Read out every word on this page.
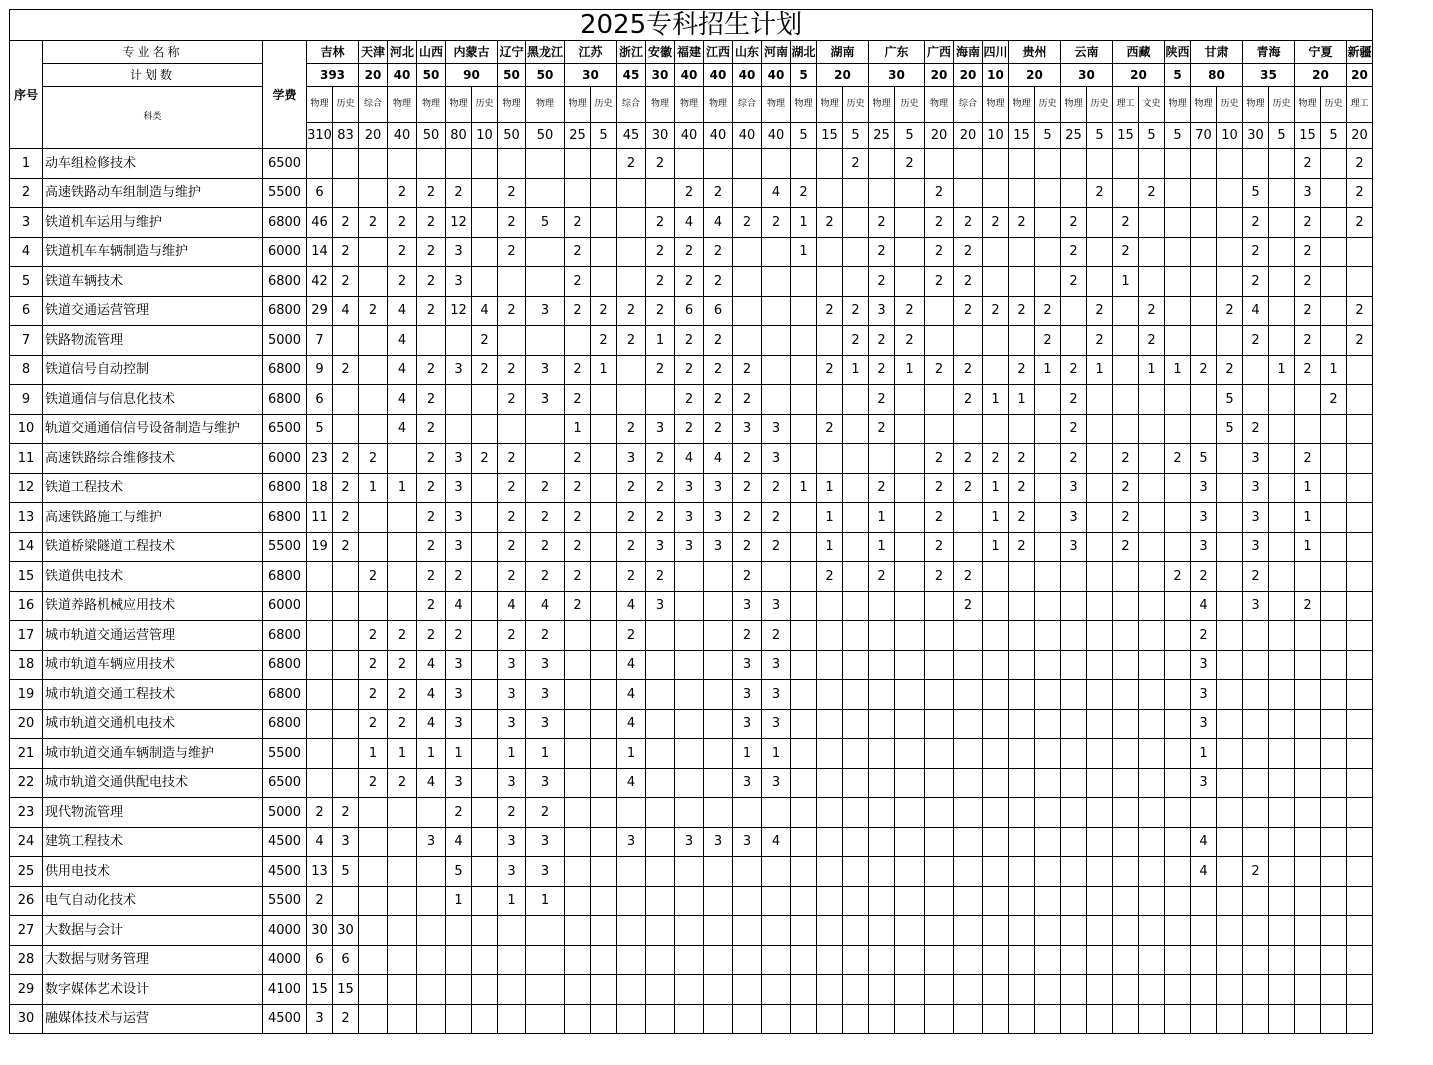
2025专科招生计划																																									
序号	专业名称	学费	吉林		天津	河北	山西	内蒙古		辽宁	黑龙江	江苏		浙江	安徽	福建	江西	山东	河南	湖北	湖南		广东		广西	海南	四川	贵州		云南		西藏		陕西	甘肃		青海		宁夏		新疆
	计划数		393		20	40	50	90		50	50	30		45	30	40	40	40	40	5	20		30		20	20	10	20		30		20		5	80		35		20		20
	科类		物理	历史	综合	物理	物理	物理	历史	物理	物理	物理	历史	综合	物理	物理	物理	综合	物理	物理	物理	历史	物理	历史	物理	综合	物理	物理	历史	物理	历史	理工	文史	物理	物理	历史	物理	历史	物理	历史	理工
			310	83	20	40	50	80	10	50	50	25	5	45	30	40	40	40	40	5	15	5	25	5	20	20	10	15	5	25	5	15	5	5	70	10	30	5	15	5	20
1	动车组检修技术	6500												2	2							2		2															2		2
2	高速铁路动车组制造与维护	5500	6			2	2	2		2						2	2		4	2					2						2		2				5		3		2
3	铁道机车运用与维护	6800	46	2	2	2	2	12		2	5	2			2	4	4	2	2	1	2		2		2	2	2	2		2		2					2		2		2
4	铁道机车车辆制造与维护	6000	14	2		2	2	3		2		2			2	2	2			1			2		2	2				2		2					2		2		
5	铁道车辆技术	6800	42	2		2	2	3				2			2	2	2						2		2	2				2		1					2		2		
6	铁道交通运营管理	6800	29	4	2	4	2	12	4	2	3	2	2	2	2	6	6				2	2	3	2		2	2	2	2		2		2			2	4		2		2
7	铁路物流管理	5000	7			4			2				2	2	1	2	2					2	2	2					2		2		2				2		2		2
8	铁道信号自动控制	6800	9	2		4	2	3	2	2	3	2	1		2	2	2	2			2	1	2	1	2	2		2	1	2	1		1	1	2	2		1	2	1	
9	铁道通信与信息化技术	6800	6			4	2			2	3	2				2	2	2					2			2	1	1		2						5				2	
10	轨道交通通信信号设备制造与维护	6500	5			4	2					1		2	3	2	2	3	3		2		2							2						5	2				
11	高速铁路综合维修技术	6000	23	2	2		2	3	2	2		2		3	2	4	4	2	3						2	2	2	2		2		2		2	5		3		2		
12	铁道工程技术	6800	18	2	1	1	2	3		2	2	2		2	2	3	3	2	2	1	1		2		2	2	1	2		3		2			3		3		1		
13	高速铁路施工与维护	6800	11	2			2	3		2	2	2		2	2	3	3	2	2		1		1		2		1	2		3		2			3		3		1		
14	铁道桥梁隧道工程技术	5500	19	2			2	3		2	2	2		2	3	3	3	2	2		1		1		2		1	2		3		2			3		3		1		
15	铁道供电技术	6800			2		2	2		2	2	2		2	2			2			2		2		2	2								2	2		2				
16	铁道养路机械应用技术	6000					2	4		4	4	2		4	3			3	3							2									4		3		2		
17	城市轨道交通运营管理	6800			2	2	2	2		2	2			2				2	2																2						
18	城市轨道车辆应用技术	6800			2	2	4	3		3	3			4				3	3																3						
19	城市轨道交通工程技术	6800			2	2	4	3		3	3			4				3	3																3						
20	城市轨道交通机电技术	6800			2	2	4	3		3	3			4				3	3																3						
21	城市轨道交通车辆制造与维护	5500			1	1	1	1		1	1			1				1	1																1						
22	城市轨道交通供配电技术	6500			2	2	4	3		3	3			4				3	3																3						
23	现代物流管理	5000	2	2				2		2	2																														
24	建筑工程技术	4500	4	3			3	4		3	3			3		3	3	3	4																4						
25	供用电技术	4500	13	5				5		3	3																								4		2				
26	电气自动化技术	5500	2					1		1	1																														
27	大数据与会计	4000	30	30																																					
28	大数据与财务管理	4000	6	6																																					
29	数字媒体艺术设计	4100	15	15																																					
30	融媒体技术与运营	4500	3	2																																					
